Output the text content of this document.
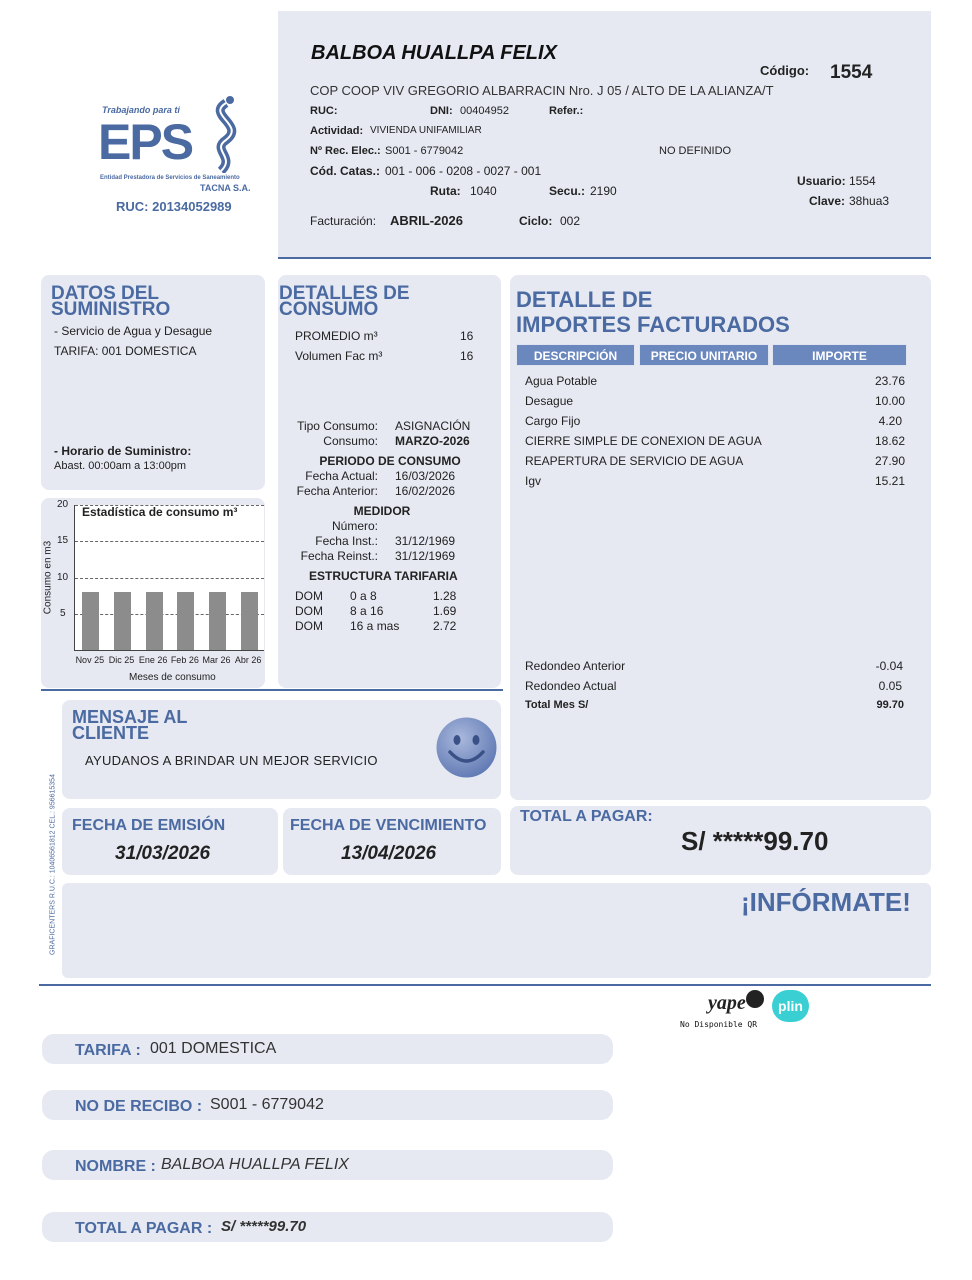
Trabajando para ti
EPS
Entidad Prestadora de Servicios de Saneamiento
TACNA S.A.
RUC: 20134052989
BALBOA HUALLPA FELIX
Código: 1554
COP COOP VIV GREGORIO ALBARRACIN Nro. J 05 / ALTO DE LA ALIANZA/T
RUC:	DNI: 00404952	Refer.:
Actividad: VIVIENDA UNIFAMILIAR
Nº Rec. Elec.: S001 - 6779042	NO DEFINIDO
Cód. Catas.: 001 - 006 - 0208 - 0027 - 001
Ruta: 1040	Secu.: 2190
Usuario: 1554
Clave: 38hua3
Facturación: ABRIL-2026	Ciclo: 002
DATOS DEL
SUMINISTRO
- Servicio de Agua y Desague
TARIFA: 001 DOMESTICA
- Horario de Suministro:
Abast. 00:00am a 13:00pm
Consumo en m3
Estadística de consumo m³
20
15
10
5
Nov 25 Dic 25 Ene 26 Feb 26 Mar 26 Abr 26
Meses de consumo
DETALLES DE
CONSUMO
PROMEDIO m³	16
Volumen Fac m³	16
Tipo Consumo: ASIGNACIÓN
Consumo: MARZO-2026
PERIODO DE CONSUMO
Fecha Actual: 16/03/2026
Fecha Anterior: 16/02/2026
MEDIDOR
Número:
Fecha Inst.: 31/12/1969
Fecha Reinst.: 31/12/1969
ESTRUCTURA TARIFARIA
DOM 0 a 8	1.28
DOM 8 a 16	1.69
DOM 16 a mas	2.72
DETALLE DE
IMPORTES FACTURADOS
DESCRIPCIÓN	PRECIO UNITARIO	IMPORTE
Agua Potable	23.76
Desague	10.00
Cargo Fijo	4.20
CIERRE SIMPLE DE CONEXION DE AGUA	18.62
REAPERTURA DE SERVICIO DE AGUA	27.90
Igv	15.21
Redondeo Anterior	-0.04
Redondeo Actual	0.05
Total Mes S/	99.70
MENSAJE AL
CLIENTE
AYUDANOS A BRINDAR UN MEJOR SERVICIO
GRAFICENTERS R.U.C.: 10406561812 CEL.: 956615354 FECHA DE EMISIÓN
31/03/2026
FECHA DE VENCIMIENTO
13/04/2026
TOTAL A PAGAR:
S/ *****99.70
¡INFÓRMATE!
yape	plin
No Disponible QR
TARIFA : 001 DOMESTICA
NO DE RECIBO : S001 - 6779042
NOMBRE : BALBOA HUALLPA FELIX
TOTAL A PAGAR : S/ *****99.70
